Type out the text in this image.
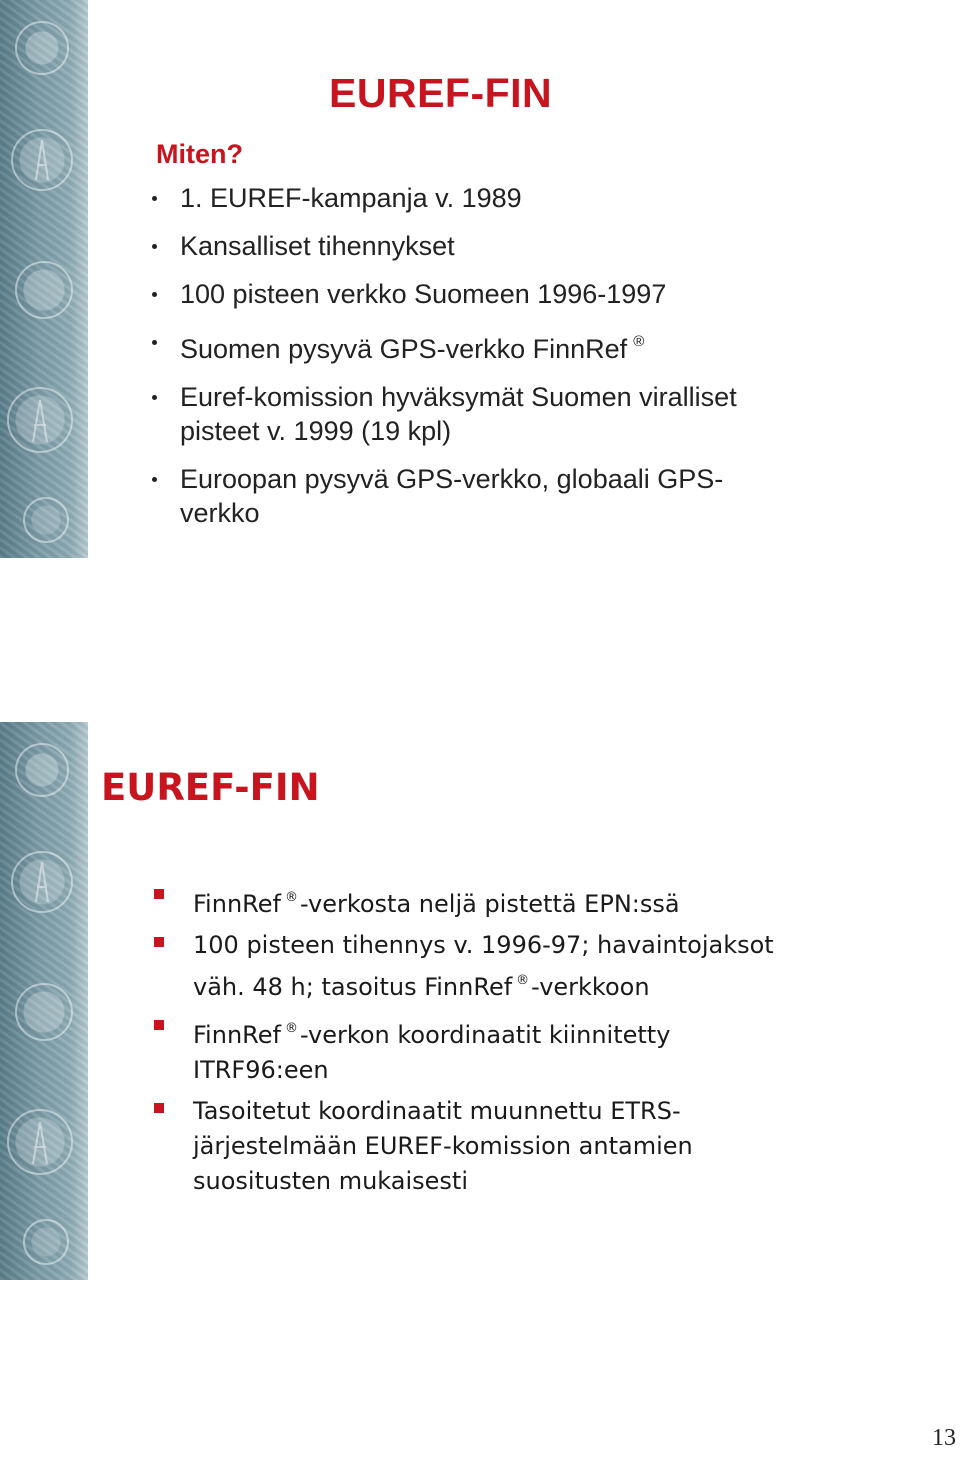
EUREF-FIN
Miten?
1. EUREF-kampanja v. 1989
Kansalliset tihennykset
100 pisteen verkko Suomeen 1996-1997
Suomen pysyvä GPS-verkko FinnRef ®
Euref-komission hyväksymät Suomen viralliset pisteet v. 1999 (19 kpl)
Euroopan pysyvä GPS-verkko, globaali GPS-verkko
EUREF-FIN
FinnRef ®-verkosta neljä pistettä EPN:ssä
100 pisteen tihennys v. 1996-97; havaintojaksot väh. 48 h; tasoitus FinnRef ®-verkkoon
FinnRef ®-verkon koordinaatit kiinnitetty ITRF96:een
Tasoitetut koordinaatit muunnettu ETRS-järjestelmään EUREF-komission antamien suositusten mukaisesti
13
